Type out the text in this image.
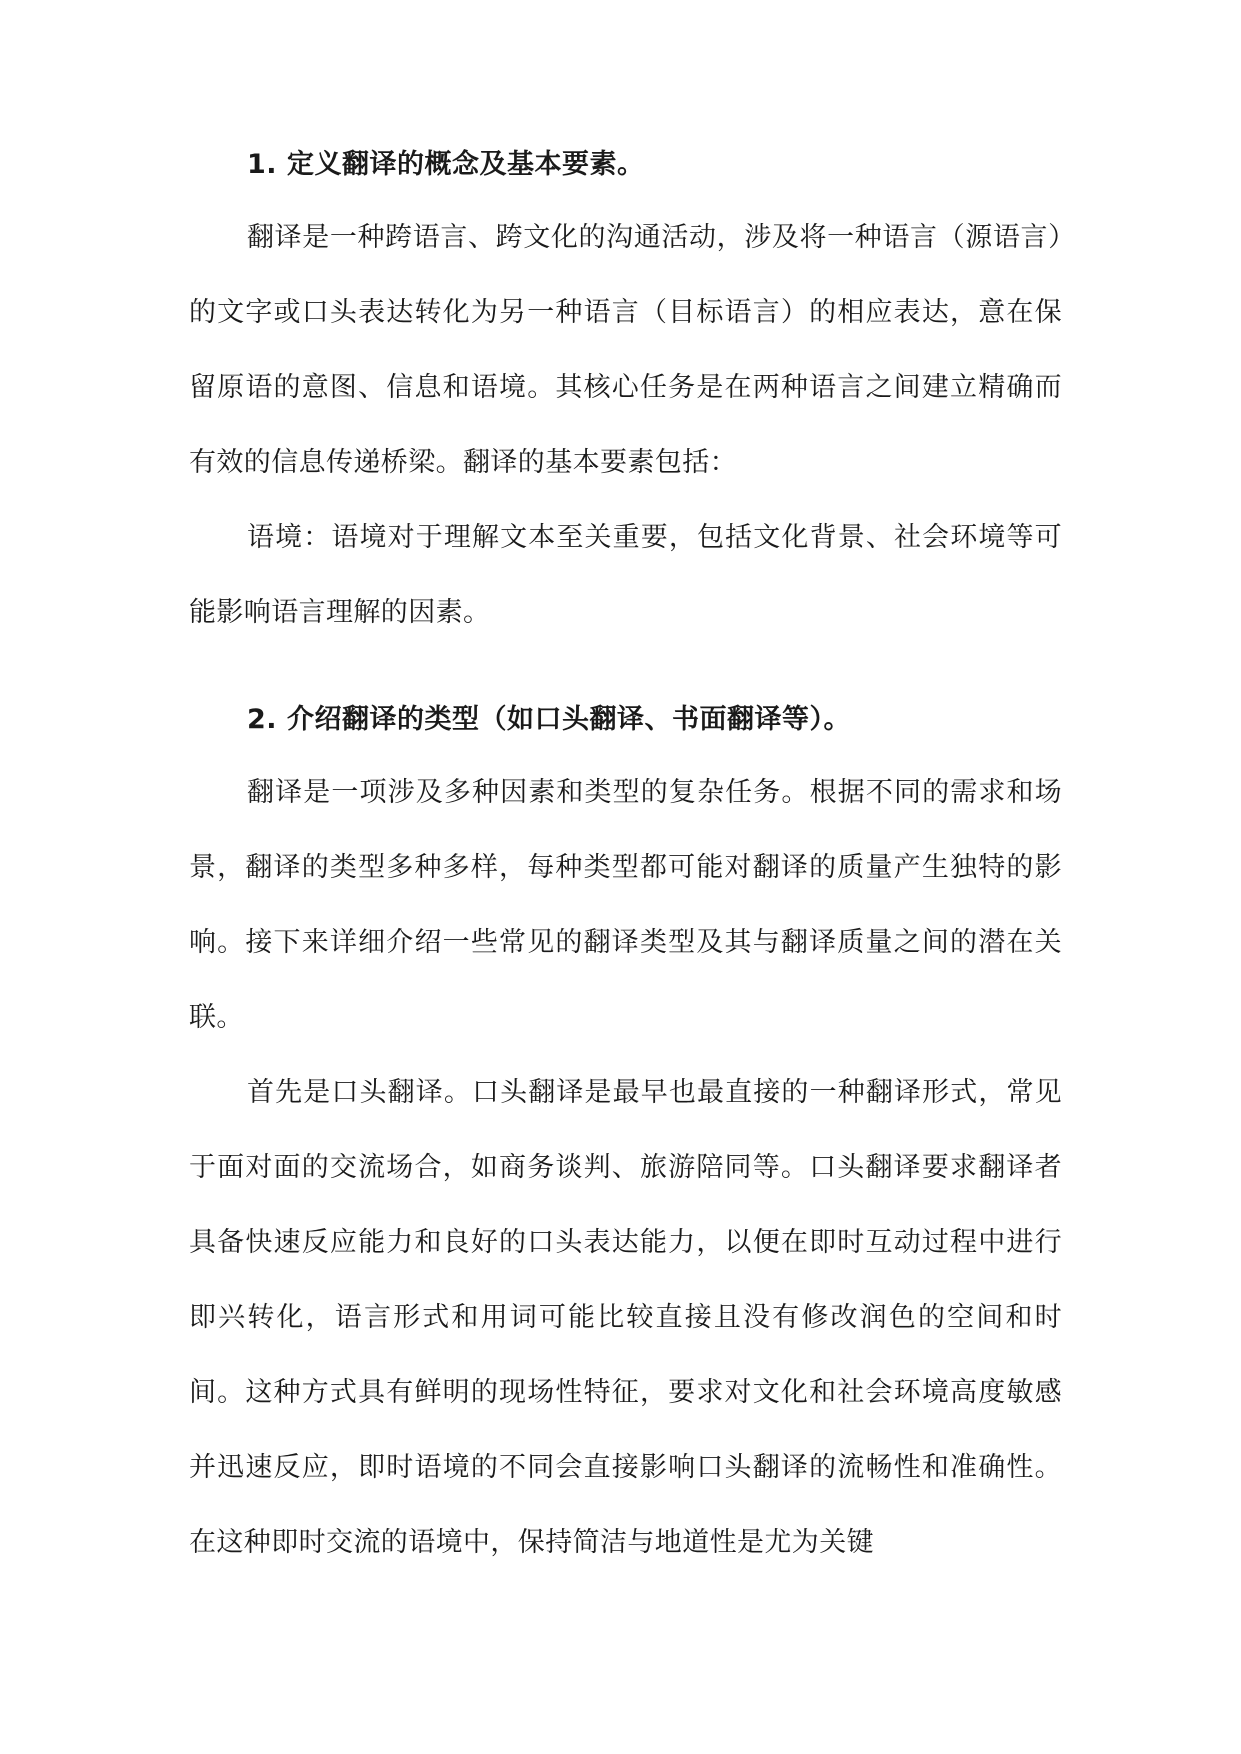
1. 定义翻译的概念及基本要素。

翻译是一种跨语言、跨文化的沟通活动，涉及将一种语言（源语言）的文字或口头表达转化为另一种语言（目标语言）的相应表达，意在保留原语的意图、信息和语境。其核心任务是在两种语言之间建立精确而有效的信息传递桥梁。翻译的基本要素包括：

语境：语境对于理解文本至关重要，包括文化背景、社会环境等可能影响语言理解的因素。

2. 介绍翻译的类型（如口头翻译、书面翻译等）。

翻译是一项涉及多种因素和类型的复杂任务。根据不同的需求和场景，翻译的类型多种多样，每种类型都可能对翻译的质量产生独特的影响。接下来详细介绍一些常见的翻译类型及其与翻译质量之间的潜在关联。

首先是口头翻译。口头翻译是最早也最直接的一种翻译形式，常见于面对面的交流场合，如商务谈判、旅游陪同等。口头翻译要求翻译者具备快速反应能力和良好的口头表达能力，以便在即时互动过程中进行即兴转化，语言形式和用词可能比较直接且没有修改润色的空间和时间。这种方式具有鲜明的现场性特征，要求对文化和社会环境高度敏感并迅速反应，即时语境的不同会直接影响口头翻译的流畅性和准确性。在这种即时交流的语境中，保持简洁与地道性是尤为关键
